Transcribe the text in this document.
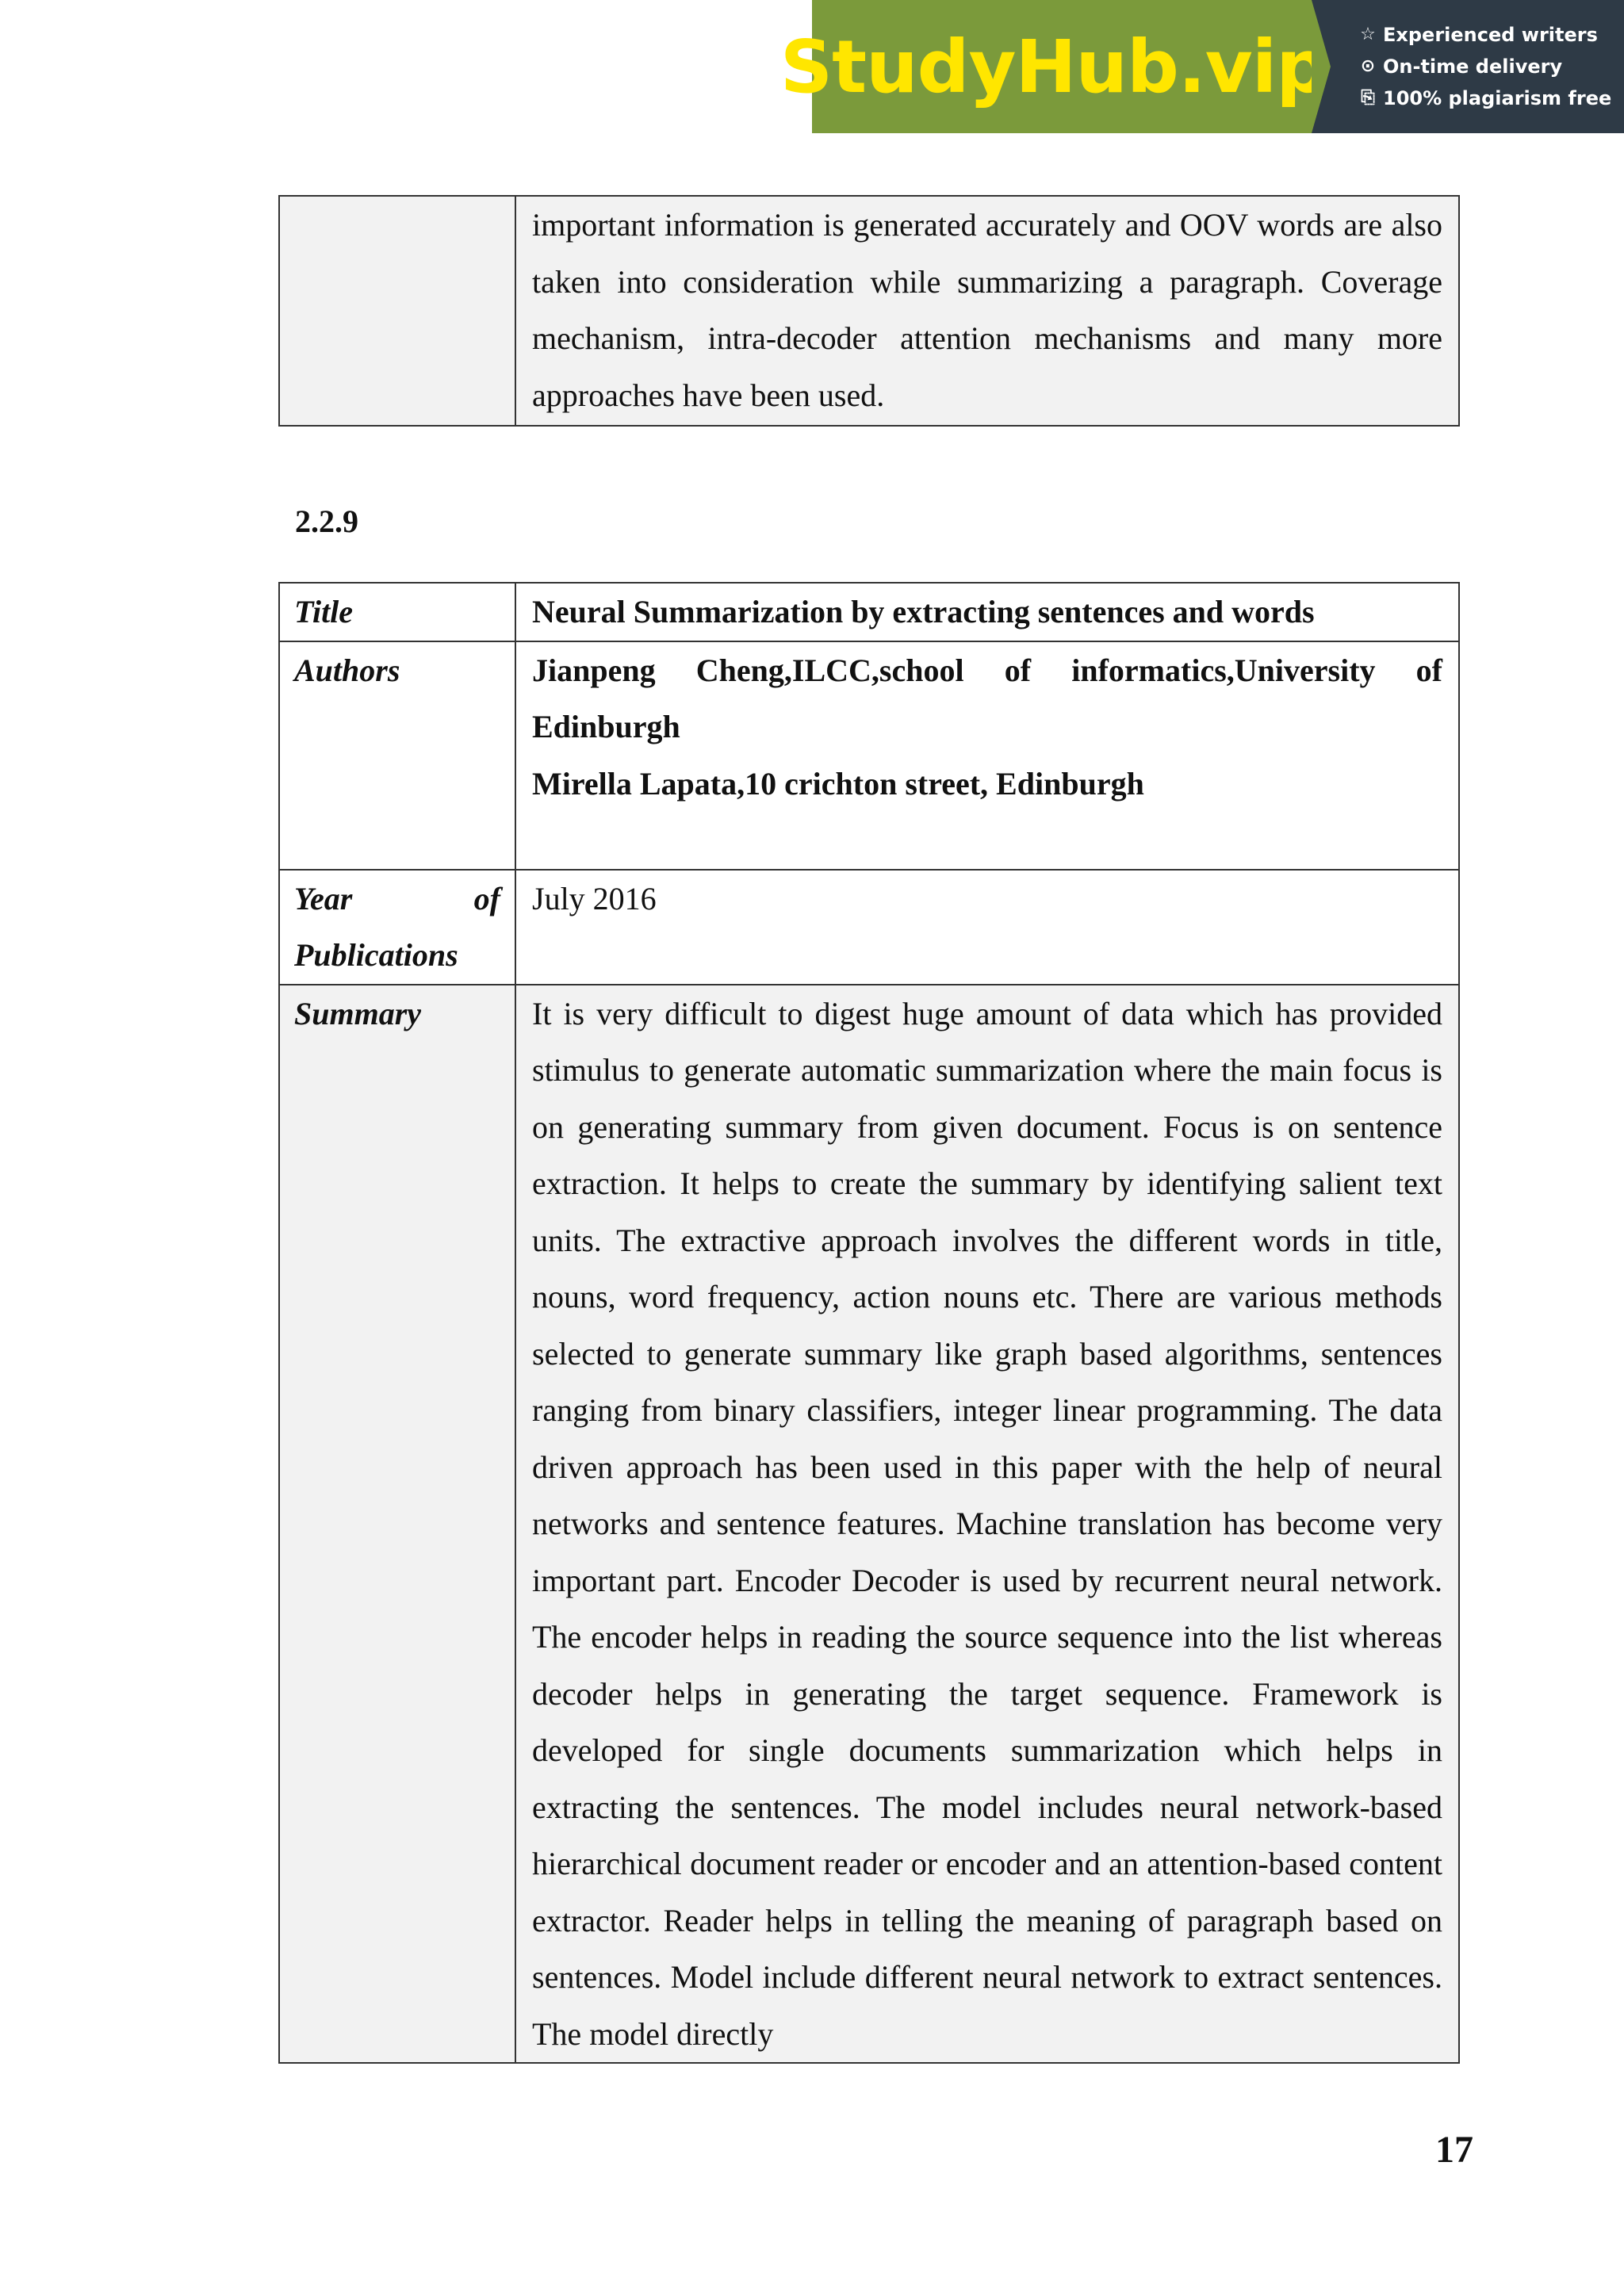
StudyHub.vip ☆ Experienced writers
⊙ On-time delivery
⎘ 100% plagiarism free

important information is generated accurately and OOV words are also taken into consideration while summarizing a paragraph. Coverage mechanism, intra-decoder attention mechanisms and many more approaches have been used.

2.2.9

Title	Neural Summarization by extracting sentences and words

Authors	Jianpeng Cheng,ILCC,school of informatics,University of Edinburgh

Mirella Lapata,10 crichton street, Edinburgh

Year of
Publications	July 2016

Summary	It is very difficult to digest huge amount of data which has provided stimulus to generate automatic summarization where the main focus is on generating summary from given document. Focus is on sentence extraction. It helps to create the summary by identifying salient text units. The extractive approach involves the different words in title, nouns, word frequency, action nouns etc. There are various methods selected to generate summary like graph based algorithms, sentences ranging from binary classifiers, integer linear programming. The data driven approach has been used in this paper with the help of neural networks and sentence features. Machine translation has become very important part. Encoder Decoder is used by recurrent neural network. The encoder helps in reading the source sequence into the list whereas decoder helps in generating the target sequence. Framework is developed for single documents summarization which helps in extracting the sentences. The model includes neural network-based hierarchical document reader or encoder and an attention-based content extractor. Reader helps in telling the meaning of paragraph based on sentences. Model include different neural network to extract sentences. The model directly

17
